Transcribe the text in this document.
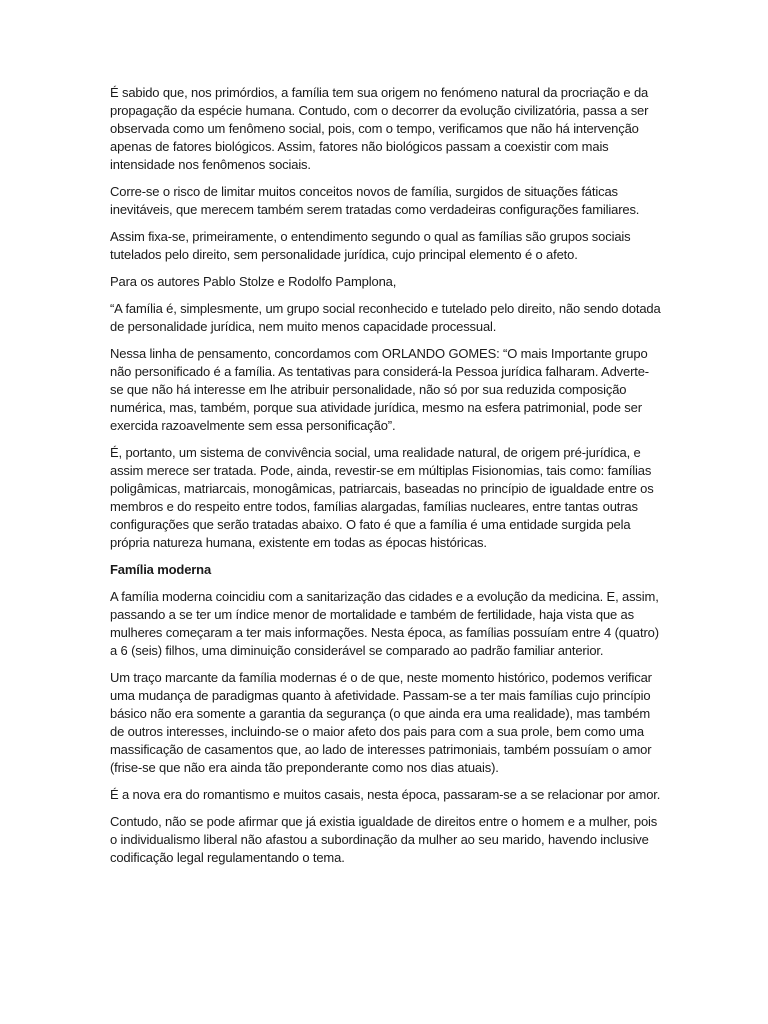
É sabido que, nos primórdios, a família tem sua origem no fenómeno natural da procriação e da propagação da espécie humana. Contudo, com o decorrer da evolução civilizatória, passa a ser observada como um fenômeno social, pois, com o tempo, verificamos que não há intervenção apenas de fatores biológicos. Assim, fatores não biológicos passam a coexistir com mais intensidade nos fenômenos sociais.

Corre-se o risco de limitar muitos conceitos novos de família, surgidos de situações fáticas inevitáveis, que merecem também serem tratadas como verdadeiras configurações familiares.

Assim fixa-se, primeiramente, o entendimento segundo o qual as famílias são grupos sociais tutelados pelo direito, sem personalidade jurídica, cujo principal elemento é o afeto.

Para os autores Pablo Stolze e Rodolfo Pamplona,

“A família é, simplesmente, um grupo social reconhecido e tutelado pelo direito, não sendo dotada de personalidade jurídica, nem muito menos capacidade processual.

Nessa linha de pensamento, concordamos com ORLANDO GOMES: “O mais Importante grupo não personificado é a família. As tentativas para considerá-la Pessoa jurídica falharam. Adverte-se que não há interesse em lhe atribuir personalidade, não só por sua reduzida composição numérica, mas, também, porque sua atividade jurídica, mesmo na esfera patrimonial, pode ser exercida razoavelmente sem essa personificação”.

É, portanto, um sistema de convivência social, uma realidade natural, de origem pré-jurídica, e assim merece ser tratada. Pode, ainda, revestir-se em múltiplas Fisionomias, tais como: famílias poligâmicas, matriarcais, monogâmicas, patriarcais, baseadas no princípio de igualdade entre os membros e do respeito entre todos, famílias alargadas, famílias nucleares, entre tantas outras configurações que serão tratadas abaixo. O fato é que a família é uma entidade surgida pela própria natureza humana, existente em todas as épocas históricas.

Família moderna

A família moderna coincidiu com a sanitarização das cidades e a evolução da medicina. E, assim, passando a se ter um índice menor de mortalidade e também de fertilidade, haja vista que as mulheres começaram a ter mais informações. Nesta época, as famílias possuíam entre 4 (quatro) a 6 (seis) filhos, uma diminuição considerável se comparado ao padrão familiar anterior.

Um traço marcante da família modernas é o de que, neste momento histórico, podemos verificar uma mudança de paradigmas quanto à afetividade. Passam-se a ter mais famílias cujo princípio básico não era somente a garantia da segurança (o que ainda era uma realidade), mas também de outros interesses, incluindo-se o maior afeto dos pais para com a sua prole, bem como uma massificação de casamentos que, ao lado de interesses patrimoniais, também possuíam o amor (frise-se que não era ainda tão preponderante como nos dias atuais).

É a nova era do romantismo e muitos casais, nesta época, passaram-se a se relacionar por amor.

Contudo, não se pode afirmar que já existia igualdade de direitos entre o homem e a mulher, pois o individualismo liberal não afastou a subordinação da mulher ao seu marido, havendo inclusive codificação legal regulamentando o tema.
